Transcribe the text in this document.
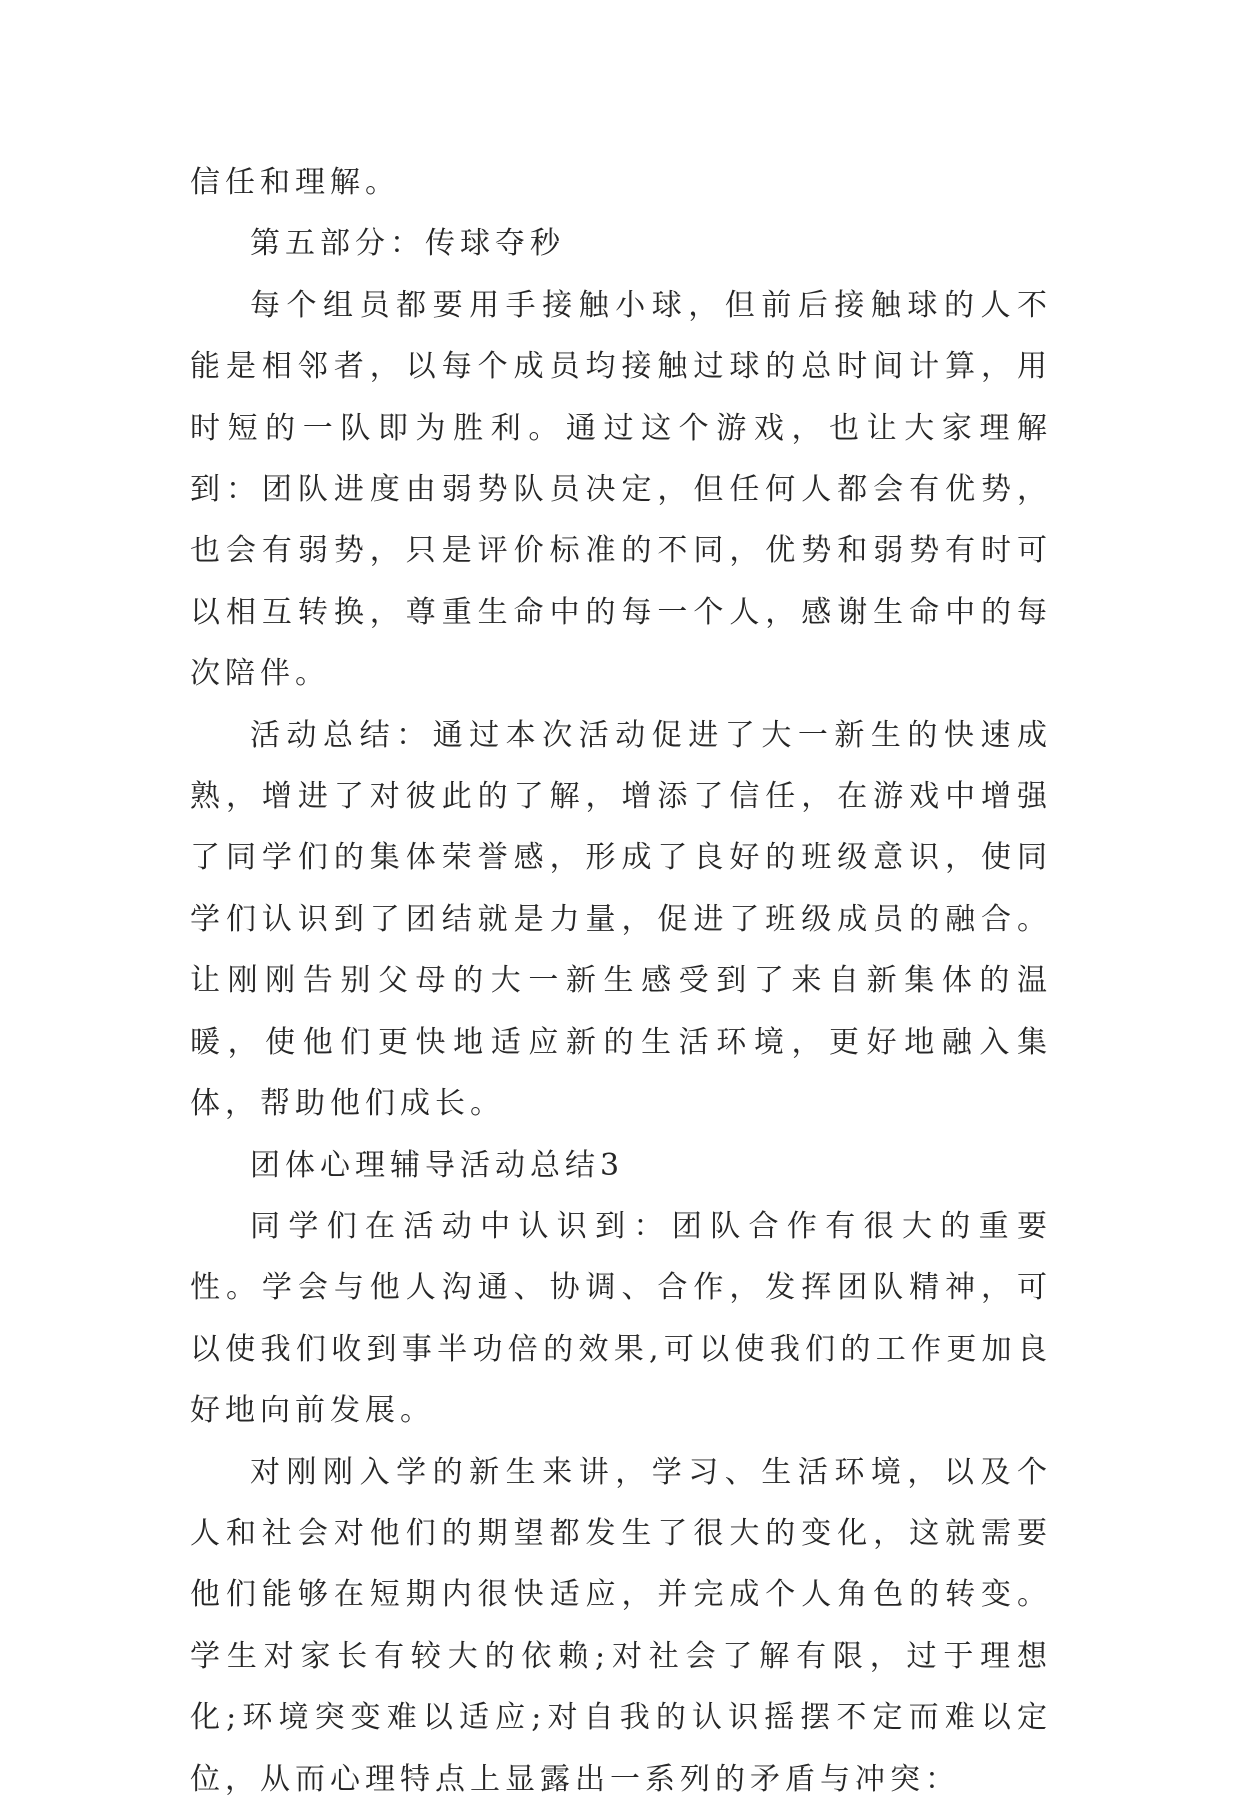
信任和理解。

第五部分：传球夺秒

每个组员都要用手接触小球，但前后接触球的人不能是相邻者，以每个成员均接触过球的总时间计算，用时短的一队即为胜利。通过这个游戏，也让大家理解到：团队进度由弱势队员决定，但任何人都会有优势，也会有弱势，只是评价标准的不同，优势和弱势有时可以相互转换，尊重生命中的每一个人，感谢生命中的每次陪伴。

活动总结：通过本次活动促进了大一新生的快速成熟，增进了对彼此的了解，增添了信任，在游戏中增强了同学们的集体荣誉感，形成了良好的班级意识，使同学们认识到了团结就是力量，促进了班级成员的融合。让刚刚告别父母的大一新生感受到了来自新集体的温暖，使他们更快地适应新的生活环境，更好地融入集体，帮助他们成长。

团体心理辅导活动总结3

同学们在活动中认识到：团队合作有很大的重要性。学会与他人沟通、协调、合作，发挥团队精神，可以使我们收到事半功倍的效果,可以使我们的工作更加良好地向前发展。

对刚刚入学的新生来讲，学习、生活环境，以及个人和社会对他们的期望都发生了很大的变化，这就需要他们能够在短期内很快适应，并完成个人角色的转变。学生对家长有较大的依赖;对社会了解有限，过于理想化;环境突变难以适应;对自我的认识摇摆不定而难以定位，从而心理特点上显露出一系列的矛盾与冲突：
